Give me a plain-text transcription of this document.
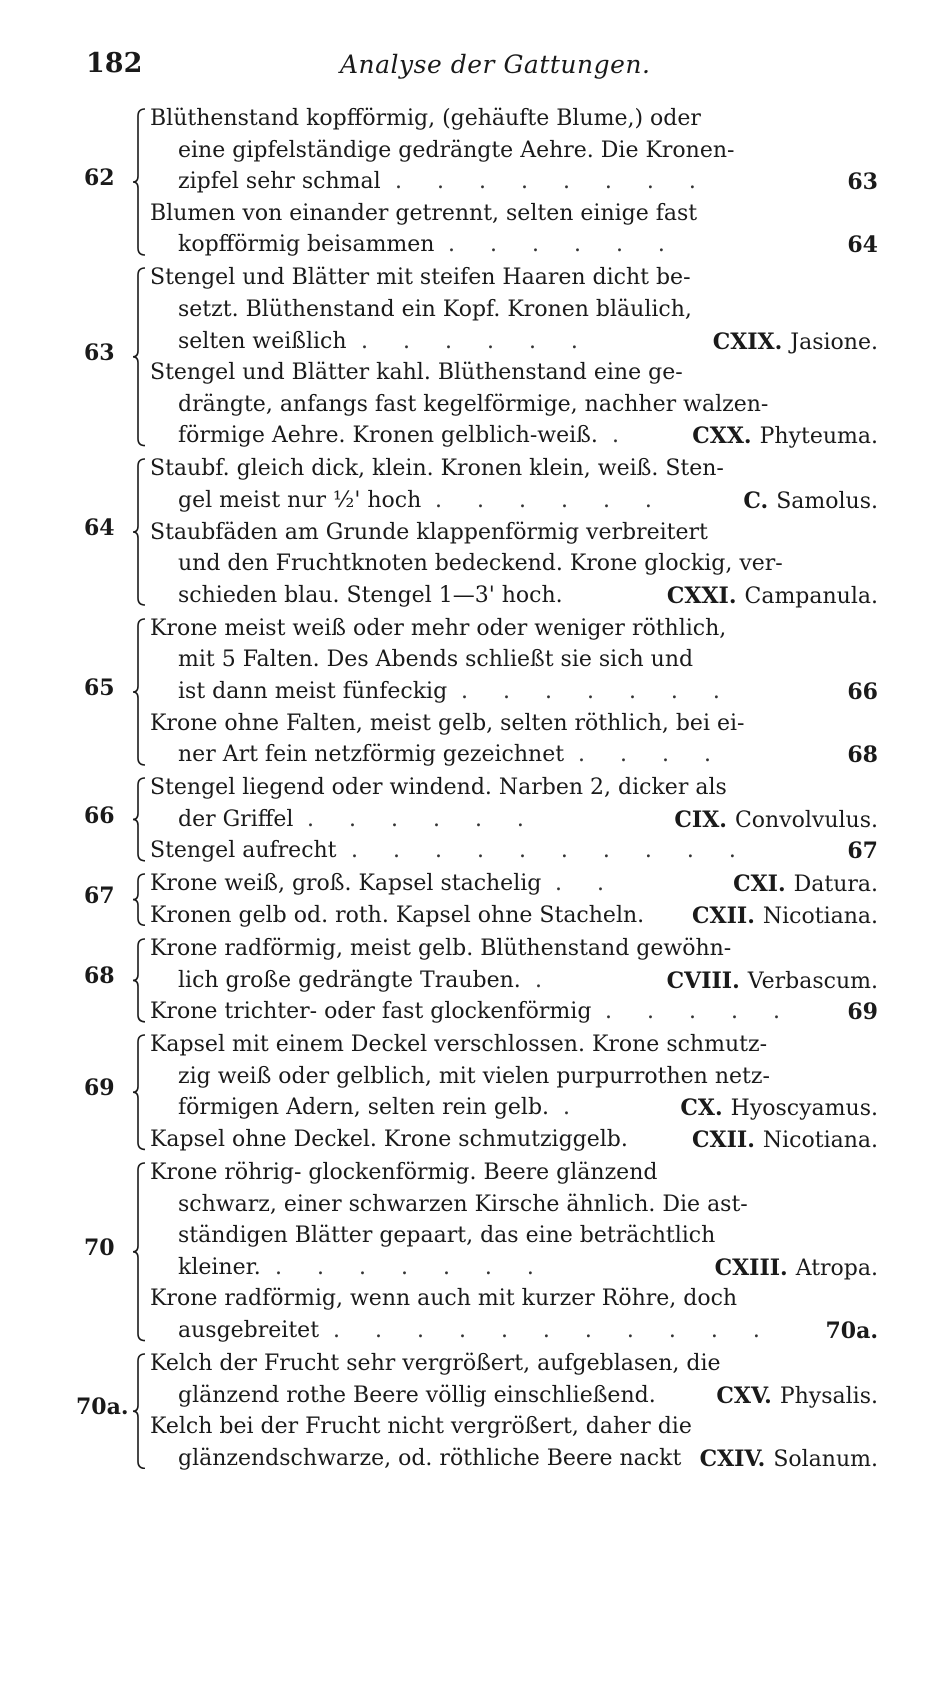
182	Analyse der Gattungen.
62
Blüthenstand kopfförmig, (gehäufte Blume,) oder
eine gipfelständige gedrängte Aehre. Die Kronen-
zipfel sehr schmal . . . . . . . .	63
Blumen von einander getrennt, selten einige fast
kopfförmig beisammen . . . . . .	64
63
Stengel und Blätter mit steifen Haaren dicht be-
setzt. Blüthenstand ein Kopf. Kronen bläulich,
selten weißlich . . . . . .	CXIX. Jasione.
Stengel und Blätter kahl. Blüthenstand eine ge-
drängte, anfangs fast kegelförmige, nachher walzen-
förmige Aehre. Kronen gelblich-weiß. .	CXX. Phyteuma.
64
Staubf. gleich dick, klein. Kronen klein, weiß. Sten-
gel meist nur ½' hoch . . . . . .	C. Samolus.
Staubfäden am Grunde klappenförmig verbreitert
und den Fruchtknoten bedeckend. Krone glockig, ver-
schieden blau. Stengel 1—3' hoch.	CXXI. Campanula.
65
Krone meist weiß oder mehr oder weniger röthlich,
mit 5 Falten. Des Abends schließt sie sich und
ist dann meist fünfeckig . . . . . . .	66
Krone ohne Falten, meist gelb, selten röthlich, bei ei-
ner Art fein netzförmig gezeichnet . . . .	68
66
Stengel liegend oder windend. Narben 2, dicker als
der Griffel . . . . . .	CIX. Convolvulus.
Stengel aufrecht . . . . . . . . . .	67
67	Krone weiß, groß. Kapsel stachelig . .	CXI. Datura.
Kronen gelb od. roth. Kapsel ohne Stacheln. CXII. Nicotiana.
68
Krone radförmig, meist gelb. Blüthenstand gewöhn-
lich große gedrängte Trauben. .	CVIII. Verbascum.
Krone trichter- oder fast glockenförmig . . . . . 69
69
Kapsel mit einem Deckel verschlossen. Krone schmutz-
zig weiß oder gelblich, mit vielen purpurrothen netz-
förmigen Adern, selten rein gelb. .	CX. Hyoscyamus.
Kapsel ohne Deckel. Krone schmutziggelb.	CXII. Nicotiana.
70
Krone röhrig- glockenförmig. Beere glänzend
schwarz, einer schwarzen Kirsche ähnlich. Die ast-
ständigen Blätter gepaart, das eine beträchtlich
kleiner. . . . . . . .	CXIII. Atropa.
Krone radförmig, wenn auch mit kurzer Röhre, doch
ausgebreitet . . . . . . . . . . . 70a.
70a.
Kelch der Frucht sehr vergrößert, aufgeblasen, die
glänzend rothe Beere völlig einschließend.	CXV. Physalis.
Kelch bei der Frucht nicht vergrößert, daher die
glänzendschwarze, od. röthliche Beere nackt CXIV. Solanum.
